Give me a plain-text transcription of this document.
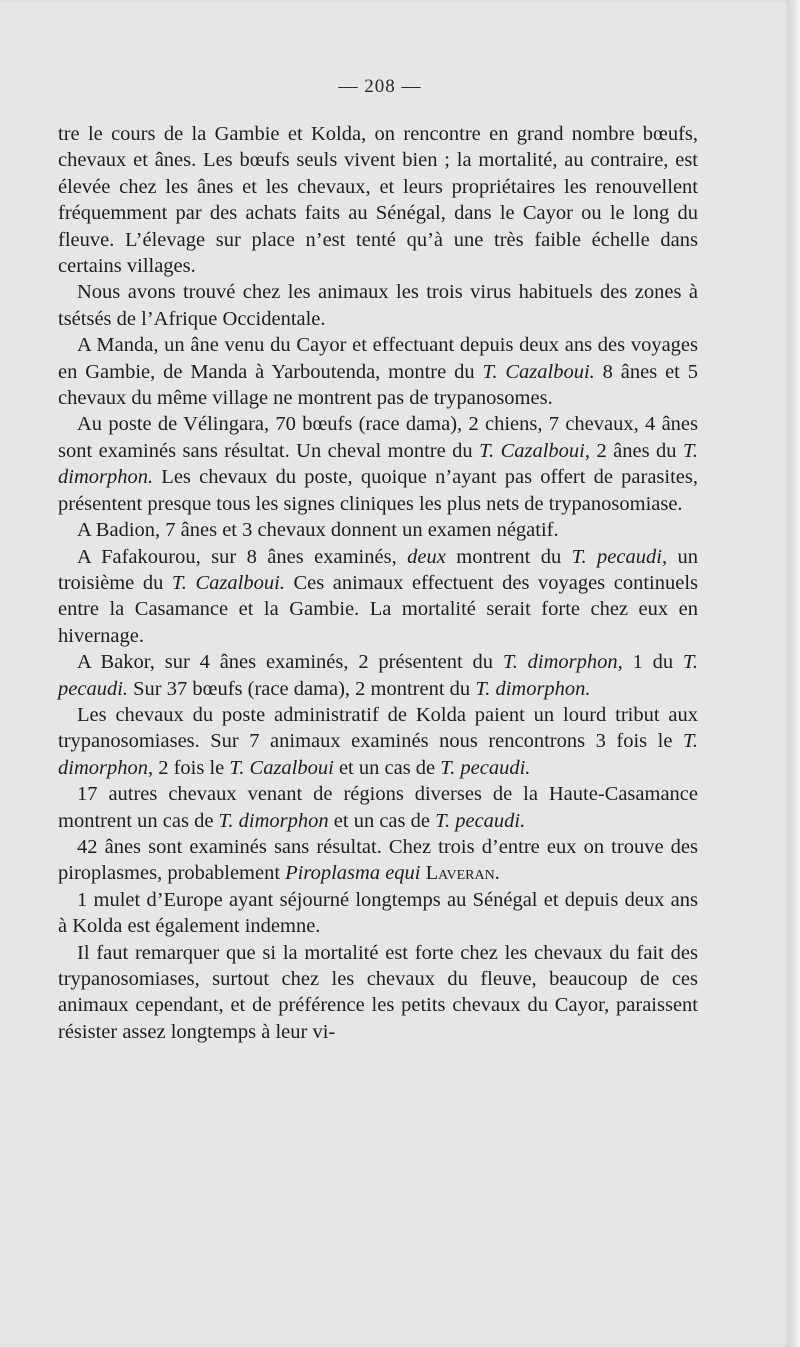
— 208 —

tre le cours de la Gambie et Kolda, on rencontre en grand nombre bœufs, chevaux et ânes. Les bœufs seuls vivent bien ; la mortalité, au contraire, est élevée chez les ânes et les chevaux, et leurs propriétaires les renouvellent fréquemment par des achats faits au Sénégal, dans le Cayor ou le long du fleuve. L’élevage sur place n’est tenté qu’à une très faible échelle dans certains villages.

Nous avons trouvé chez les animaux les trois virus habituels des zones à tsétsés de l’Afrique Occidentale.

A Manda, un âne venu du Cayor et effectuant depuis deux ans des voyages en Gambie, de Manda à Yarboutenda, montre du T. Cazalboui. 8 ânes et 5 chevaux du même village ne montrent pas de trypanosomes.

Au poste de Vélingara, 70 bœufs (race dama), 2 chiens, 7 chevaux, 4 ânes sont examinés sans résultat. Un cheval montre du T. Cazalboui, 2 ânes du T. dimorphon. Les chevaux du poste, quoique n’ayant pas offert de parasites, présentent presque tous les signes cliniques les plus nets de trypanosomiase.

A Badion, 7 ânes et 3 chevaux donnent un examen négatif.

A Fafakourou, sur 8 ânes examinés, deux montrent du T. pecaudi, un troisième du T. Cazalboui. Ces animaux effectuent des voyages continuels entre la Casamance et la Gambie. La mortalité serait forte chez eux en hivernage.

A Bakor, sur 4 ânes examinés, 2 présentent du T. dimorphon, 1 du T. pecaudi. Sur 37 bœufs (race dama), 2 montrent du T. dimorphon.

Les chevaux du poste administratif de Kolda paient un lourd tribut aux trypanosomiases. Sur 7 animaux examinés nous rencontrons 3 fois le T. dimorphon, 2 fois le T. Cazalboui et un cas de T. pecaudi.

17 autres chevaux venant de régions diverses de la Haute-Casamance montrent un cas de T. dimorphon et un cas de T. pecaudi.

42 ânes sont examinés sans résultat. Chez trois d’entre eux on trouve des piroplasmes, probablement Piroplasma equi Laveran.

1 mulet d’Europe ayant séjourné longtemps au Sénégal et depuis deux ans à Kolda est également indemne.

Il faut remarquer que si la mortalité est forte chez les chevaux du fait des trypanosomiases, surtout chez les chevaux du fleuve, beaucoup de ces animaux cependant, et de préférence les petits chevaux du Cayor, paraissent résister assez longtemps à leur vi-
